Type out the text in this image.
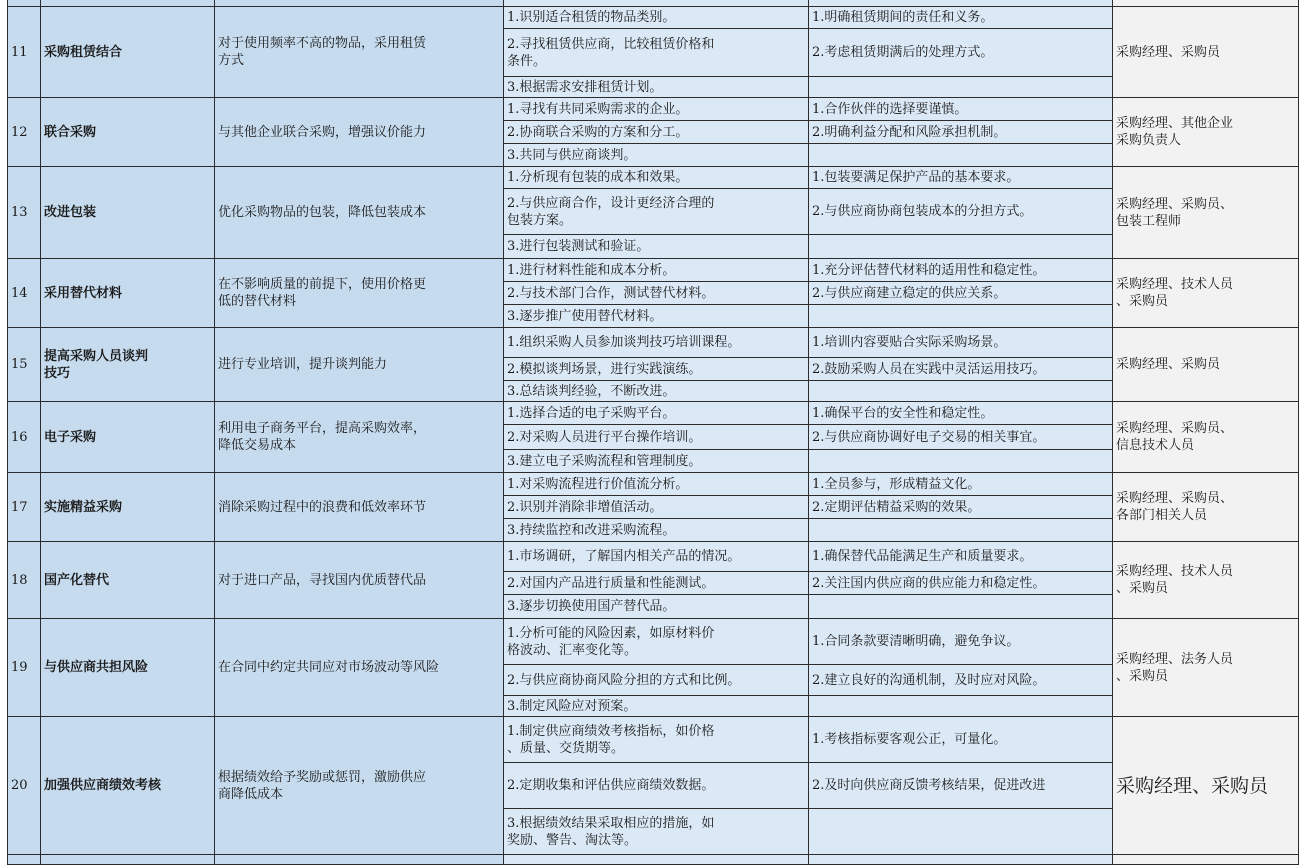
11	采购租赁结合	对于使用频率不高的物品，采用租赁
方式	1.识别适合租赁的物品类别。	1.明确租赁期间的责任和义务。	采购经理、采购员
			2.寻找租赁供应商，比较租赁价格和
条件。	2.考虑租赁期满后的处理方式。	
			3.根据需求安排租赁计划。		
12	联合采购	与其他企业联合采购，增强议价能力	1.寻找有共同采购需求的企业。	1.合作伙伴的选择要谨慎。	采购经理、其他企业
采购负责人
			2.协商联合采购的方案和分工。	2.明确利益分配和风险承担机制。	
			3.共同与供应商谈判。		
13	改进包装	优化采购物品的包装，降低包装成本	1.分析现有包装的成本和效果。	1.包装要满足保护产品的基本要求。	采购经理、采购员、
包装工程师
			2.与供应商合作，设计更经济合理的
包装方案。	2.与供应商协商包装成本的分担方式。	
			3.进行包装测试和验证。		
14	采用替代材料	在不影响质量的前提下，使用价格更
低的替代材料	1.进行材料性能和成本分析。	1.充分评估替代材料的适用性和稳定性。	采购经理、技术人员
、采购员
			2.与技术部门合作，测试替代材料。	2.与供应商建立稳定的供应关系。	
			3.逐步推广使用替代材料。		
15	提高采购人员谈判
技巧	进行专业培训，提升谈判能力	1.组织采购人员参加谈判技巧培训课程。	1.培训内容要贴合实际采购场景。	采购经理、采购员
			2.模拟谈判场景，进行实践演练。	2.鼓励采购人员在实践中灵活运用技巧。	
			3.总结谈判经验，不断改进。		
16	电子采购	利用电子商务平台，提高采购效率，
降低交易成本	1.选择合适的电子采购平台。	1.确保平台的安全性和稳定性。	采购经理、采购员、
信息技术人员
			2.对采购人员进行平台操作培训。	2.与供应商协调好电子交易的相关事宜。	
			3.建立电子采购流程和管理制度。		
17	实施精益采购	消除采购过程中的浪费和低效率环节	1.对采购流程进行价值流分析。	1.全员参与，形成精益文化。	采购经理、采购员、
各部门相关人员
			2.识别并消除非增值活动。	2.定期评估精益采购的效果。	
			3.持续监控和改进采购流程。		
18	国产化替代	对于进口产品，寻找国内优质替代品	1.市场调研，了解国内相关产品的情况。	1.确保替代品能满足生产和质量要求。	采购经理、技术人员
、采购员
			2.对国内产品进行质量和性能测试。	2.关注国内供应商的供应能力和稳定性。	
			3.逐步切换使用国产替代品。		
19	与供应商共担风险	在合同中约定共同应对市场波动等风险	1.分析可能的风险因素，如原材料价
格波动、汇率变化等。	1.合同条款要清晰明确，避免争议。	采购经理、法务人员
、采购员
			2.与供应商协商风险分担的方式和比例。	2.建立良好的沟通机制，及时应对风险。	
			3.制定风险应对预案。		
20	加强供应商绩效考核	根据绩效给予奖励或惩罚，激励供应
商降低成本	1.制定供应商绩效考核指标，如价格
、质量、交货期等。	1.考核指标要客观公正，可量化。	采购经理、采购员
			2.定期收集和评估供应商绩效数据。	2.及时向供应商反馈考核结果，促进改进	
			3.根据绩效结果采取相应的措施，如
奖励、警告、淘汰等。		
